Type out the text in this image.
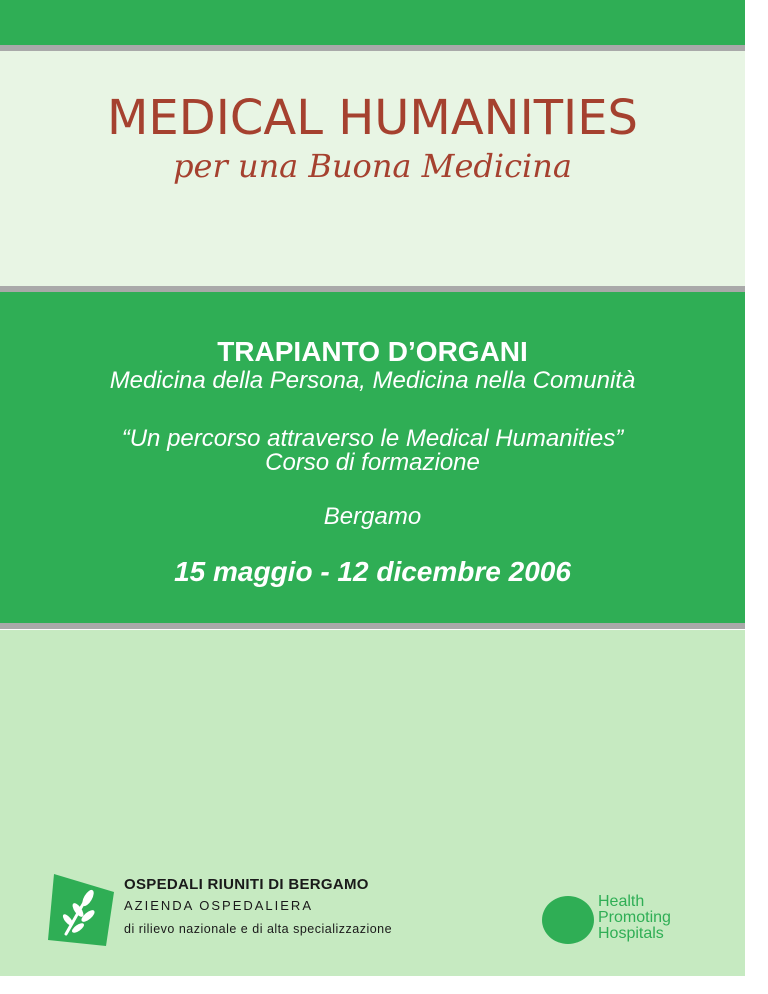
MEDICAL HUMANITIES
per una Buona Medicina
TRAPIANTO D’ORGANI
Medicina della Persona, Medicina nella Comunità
“Un percorso attraverso le Medical Humanities”
Corso di formazione
Bergamo
15 maggio - 12 dicembre 2006
OSPEDALI RIUNITI DI BERGAMO
AZIENDA OSPEDALIERA
di rilievo nazionale e di alta specializzazione
Health
Promoting
Hospitals
